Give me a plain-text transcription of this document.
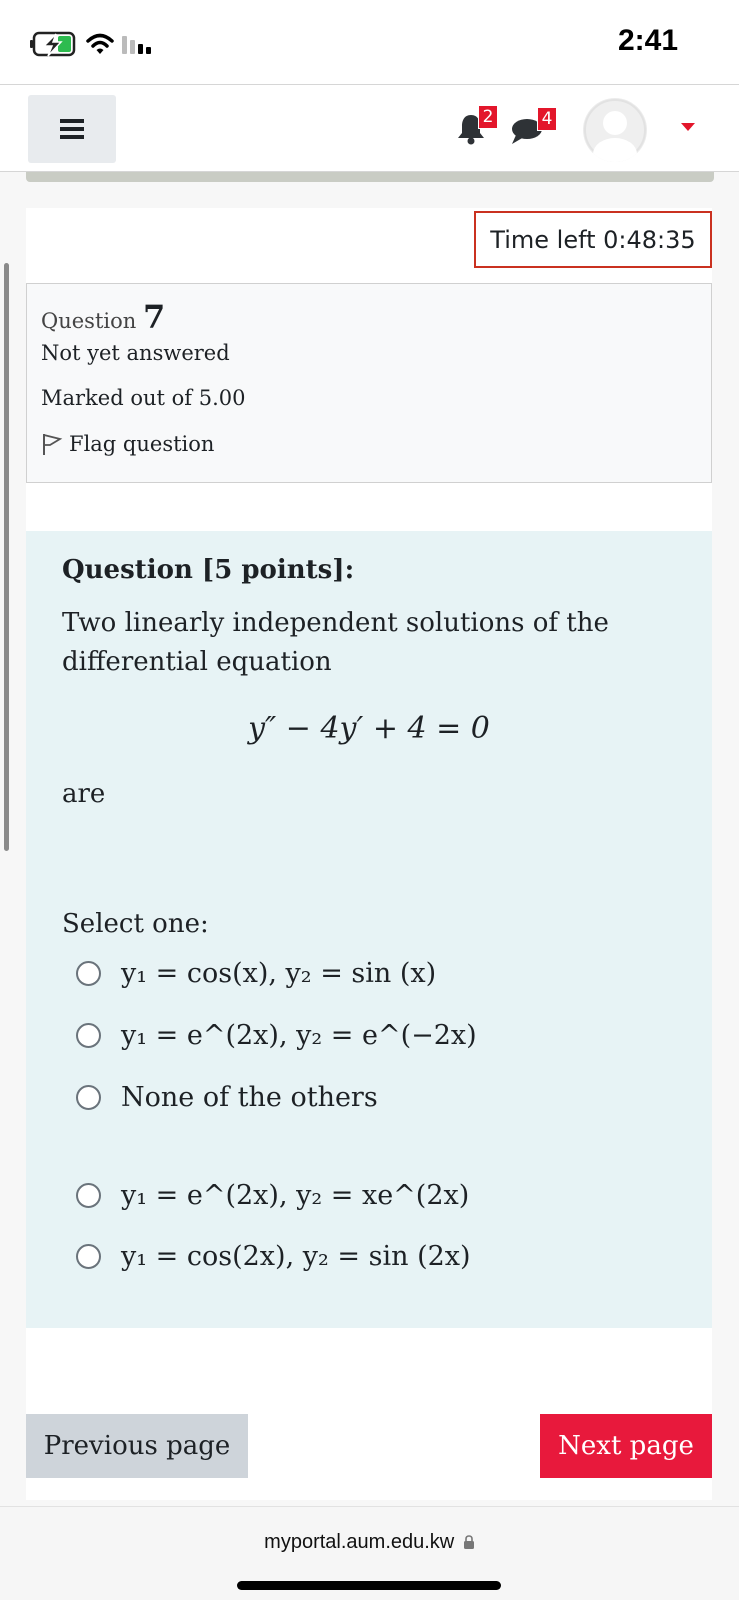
2:41
2	4
Time left 0:48:35
Question 7
Not yet answered
Marked out of 5.00
Flag question
Question [5 points]:
Two linearly independent solutions of the
differential equation
y″ − 4y′ + 4 = 0
are
Select one:
y₁ = cos(x), y₂ = sin (x)
y₁ = e^(2x), y₂ = e^(−2x)
None of the others
y₁ = e^(2x), y₂ = xe^(2x)
y₁ = cos(2x), y₂ = sin (2x)
Previous page	Next page
myportal.aum.edu.kw
